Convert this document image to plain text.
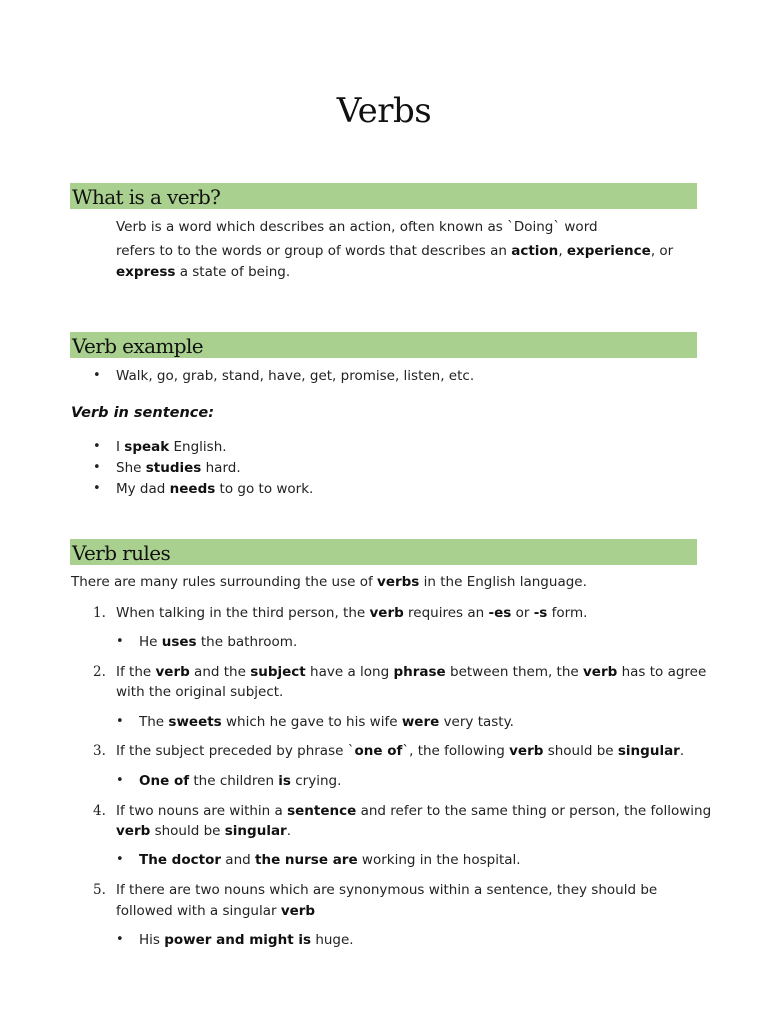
Verbs
What is a verb?
Verb is a word which describes an action, often known as `Doing` word
refers to to the words or group of words that describes an action, experience, or
express a state of being.
Verb example
• Walk, go, grab, stand, have, get, promise, listen, etc.
Verb in sentence:
• I speak English.
• She studies hard.
• My dad needs to go to work.
Verb rules
There are many rules surrounding the use of verbs in the English language.
1. When talking in the third person, the verb requires an -es or -s form.
• He uses the bathroom.
2. If the verb and the subject have a long phrase between them, the verb has to agree
with the original subject.
• The sweets which he gave to his wife were very tasty.
3. If the subject preceded by phrase `one of`, the following verb should be singular.
• One of the children is crying.
4. If two nouns are within a sentence and refer to the same thing or person, the following
verb should be singular.
• The doctor and the nurse are working in the hospital.
5. If there are two nouns which are synonymous within a sentence, they should be
followed with a singular verb
• His power and might is huge.
